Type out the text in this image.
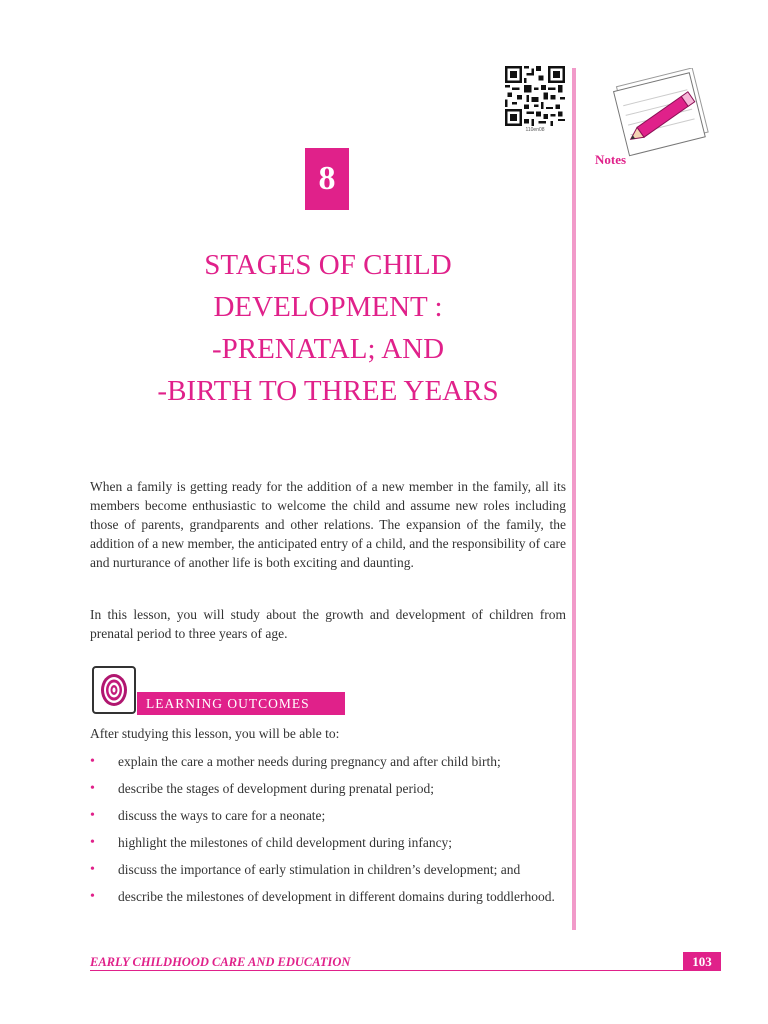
110en08
Notes
8
STAGES OF CHILD
DEVELOPMENT :
-PRENATAL; AND
-BIRTH TO THREE YEARS

When a family is getting ready for the addition of a new member in the family, all its members become enthusiastic to welcome the child and assume new roles including those of parents, grandparents and other relations. The expansion of the family, the addition of a new member, the anticipated entry of a child, and the responsibility of care and nurturance of another life is both exciting and daunting.

In this lesson, you will study about the growth and development of children from prenatal period to three years of age.

LEARNING OUTCOMES

After studying this lesson, you will be able to:

• explain the care a mother needs during pregnancy and after child birth;
• describe the stages of development during prenatal period;
• discuss the ways to care for a neonate;
• highlight the milestones of child development during infancy;
• discuss the importance of early stimulation in children’s development; and
• describe the milestones of development in different domains during toddlerhood.
EARLY CHILDHOOD CARE AND EDUCATION	103
